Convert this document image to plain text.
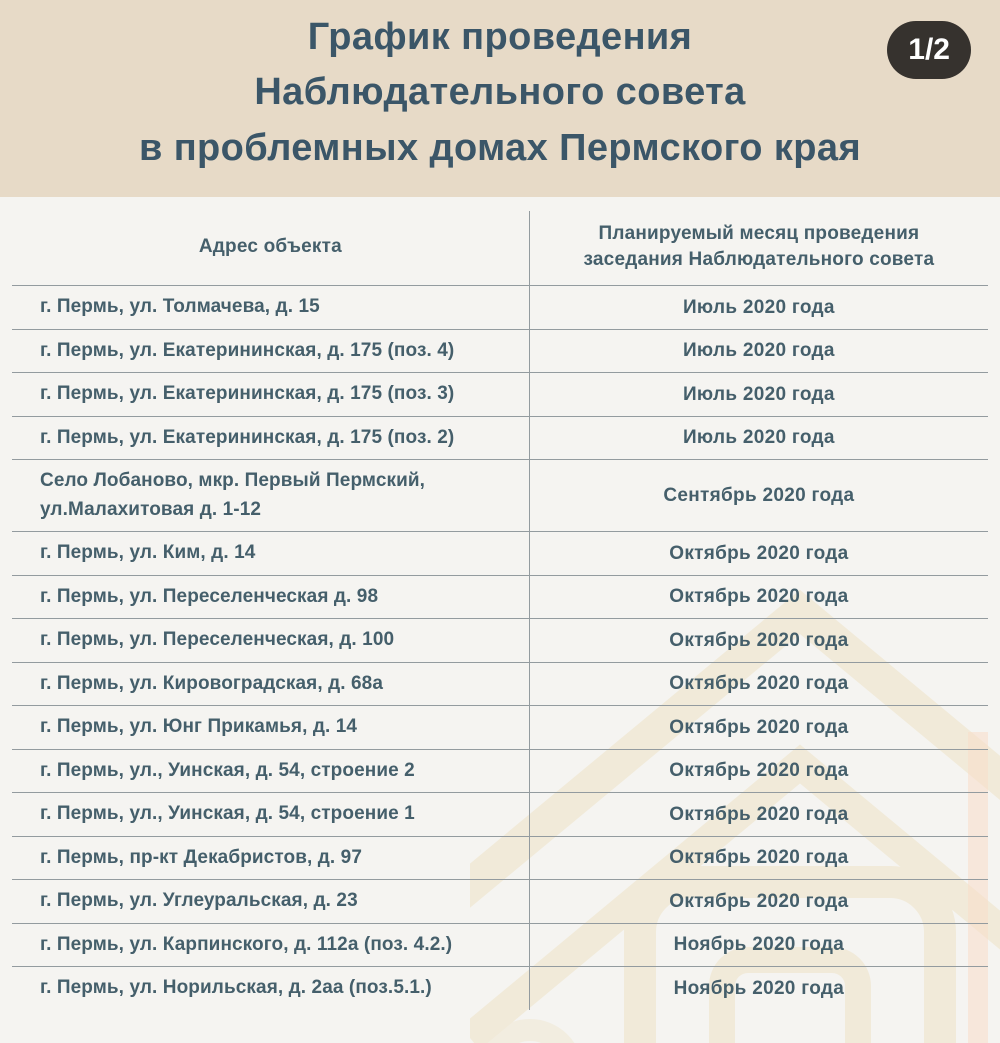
График проведения
Наблюдательного совета
в проблемных домах Пермского края
1/2
Адрес объекта	Планируемый месяц проведения заседания Наблюдательного совета
г. Пермь, ул. Толмачева, д. 15	Июль 2020 года
г. Пермь, ул. Екатерининская, д. 175 (поз. 4)	Июль 2020 года
г. Пермь, ул. Екатерининская, д. 175 (поз. 3)	Июль 2020 года
г. Пермь, ул. Екатерининская, д. 175 (поз. 2)	Июль 2020 года
Село Лобаново, мкр. Первый Пермский, ул.Малахитовая д. 1-12	Сентябрь 2020 года
г. Пермь, ул. Ким, д. 14	Октябрь 2020 года
г. Пермь, ул. Переселенческая д. 98	Октябрь 2020 года
г. Пермь, ул. Переселенческая, д. 100	Октябрь 2020 года
г. Пермь, ул. Кировоградская, д. 68а	Октябрь 2020 года
г. Пермь, ул. Юнг Прикамья, д. 14	Октябрь 2020 года
г. Пермь, ул., Уинская, д. 54, строение 2	Октябрь 2020 года
г. Пермь, ул., Уинская, д. 54, строение 1	Октябрь 2020 года
г. Пермь, пр-кт Декабристов, д. 97	Октябрь 2020 года
г. Пермь, ул. Углеуральская, д. 23	Октябрь 2020 года
г. Пермь, ул. Карпинского, д. 112а (поз. 4.2.)	Ноябрь 2020 года
г. Пермь, ул. Норильская, д. 2аа (поз.5.1.)	Ноябрь 2020 года
